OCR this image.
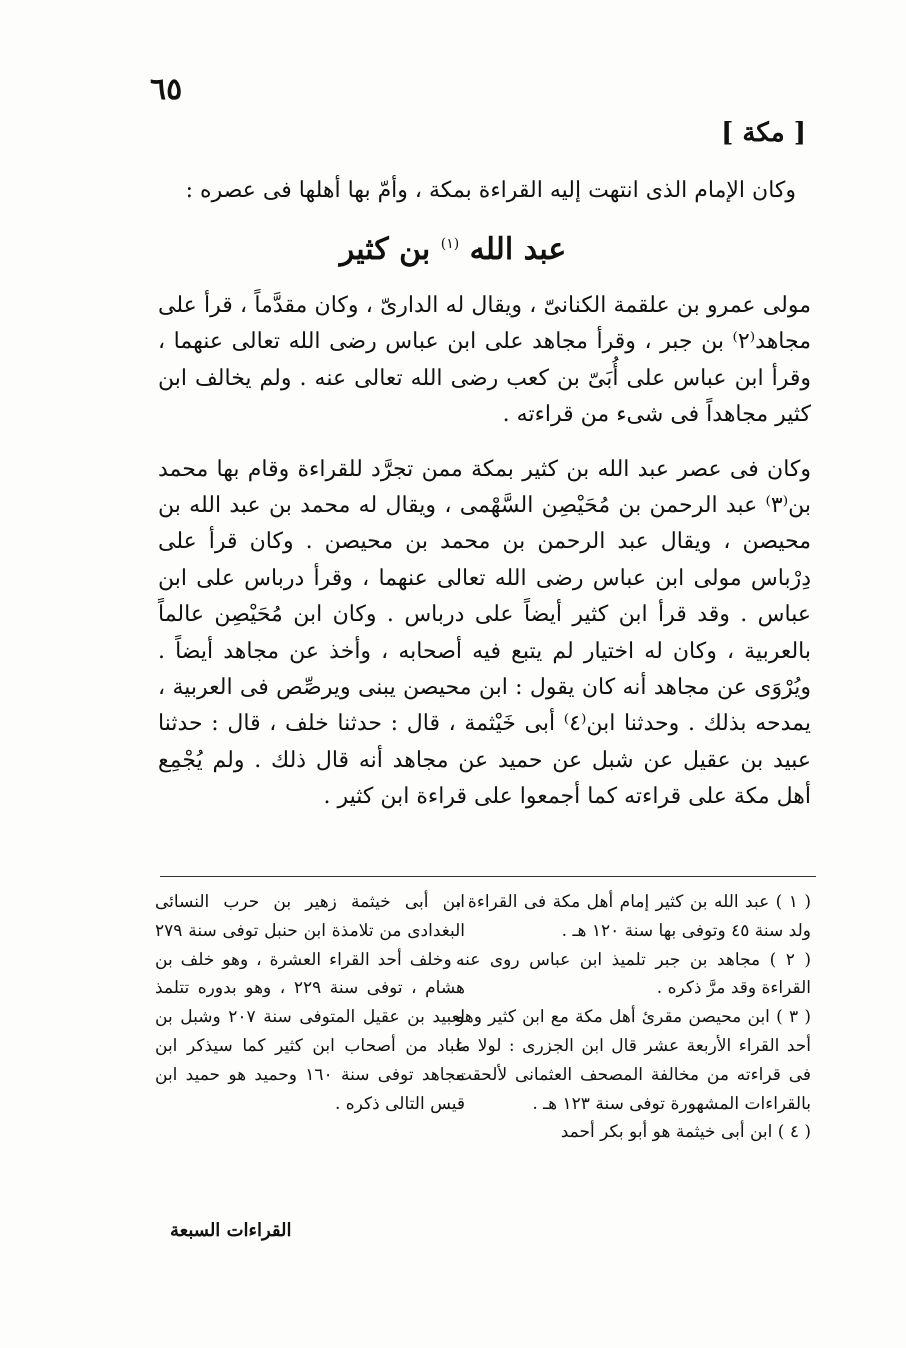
٦٥
[ مكة ]
وكان الإمام الذى انتهت إليه القراءة بمكة ، وأمّ بها أهلها فى عصره :
عبد الله $^{(١)}$ بن كثير

مولى عمرو بن علقمة الكنانىّ ، ويقال له الدارىّ ، وكان مقدَّماً ، قرأ على مجاهد⁽٢⁾ بن جبر ، وقرأ مجاهد على ابن عباس رضى الله تعالى عنهما ، وقرأ ابن عباس على أُبَىّ بن كعب رضى الله تعالى عنه . ولم يخالف ابن كثير مجاهداً فى شىء من قراءته .

وكان فى عصر عبد الله بن كثير بمكة ممن تجرَّد للقراءة وقام بها محمد بن⁽٣⁾ عبد الرحمن بن مُحَيْصِن السَّهْمى ، ويقال له محمد بن عبد الله بن محيصن ، ويقال عبد الرحمن بن محمد بن محيصن . وكان قرأ على دِرْباس مولى ابن عباس رضى الله تعالى عنهما ، وقرأ درباس على ابن عباس . وقد قرأ ابن كثير أيضاً على درباس . وكان ابن مُحَيْصِن عالماً بالعربية ، وكان له اختيار لم يتبع فيه أصحابه ، وأخذ عن مجاهد أيضاً . ويُرْوَى عن مجاهد أنه كان يقول : ابن محيصن يبنى ويرصِّص فى العربية ، يمدحه بذلك . وحدثنا ابن⁽٤⁾ أبى خَيْثمة ، قال : حدثنا خلف ، قال : حدثنا عبيد بن عقيل عن شبل عن حميد عن مجاهد أنه قال ذلك . ولم يُجْمِع أهل مكة على قراءته كما أجمعوا على قراءة ابن كثير .

( ١ ) عبد الله بن كثير إمام أهل مكة فى القراءة ، ولد سنة ٤٥ وتوفى بها سنة ١٢٠ هـ .

( ٢ ) مجاهد بن جبر تلميذ ابن عباس روى عنه القراءة وقد مرَّ ذكره .

( ٣ ) ابن محيصن مقرئ أهل مكة مع ابن كثير وهو أحد القراء الأربعة عشر قال ابن الجزرى : لولا ما فى قراءته من مخالفة المصحف العثمانى لألحقت بالقراءات المشهورة توفى سنة ١٢٣ هـ .

( ٤ ) ابن أبى خيثمة هو أبو بكر أحمد

ابن أبى خيثمة زهير بن حرب النسائى البغدادى من تلامذة ابن حنبل توفى سنة ٢٧٩ . وخلف أحد القراء العشرة ، وهو خلف بن هشام ، توفى سنة ٢٢٩ ، وهو بدوره تتلمذ لعبيد بن عقيل المتوفى سنة ٢٠٧ وشبل بن عباد من أصحاب ابن كثير كما سيذكر ابن مجاهد توفى سنة ١٦٠ وحميد هو حميد ابن قيس التالى ذكره .

القراءات السبعة
